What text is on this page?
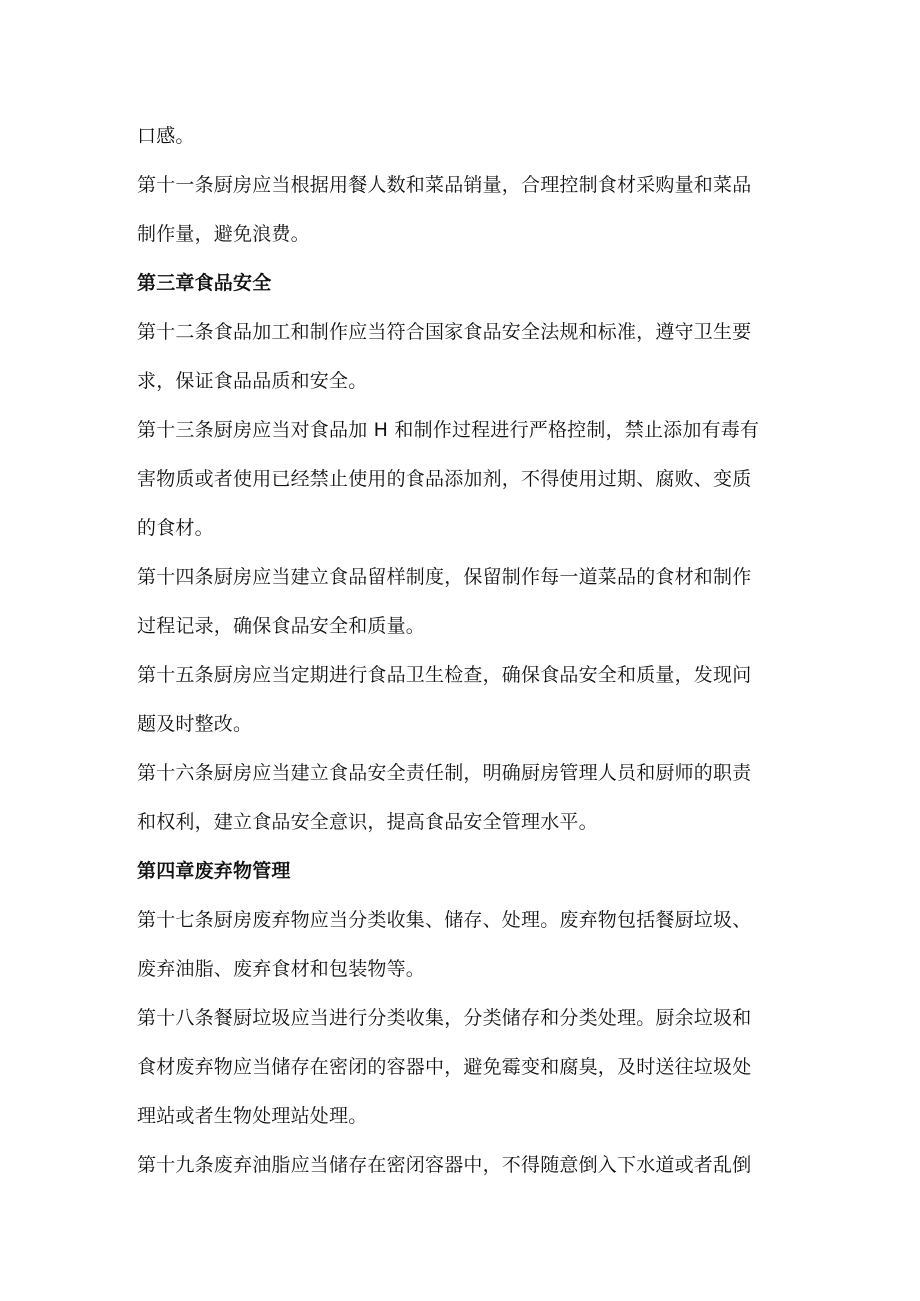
口感。
第十一条厨房应当根据用餐人数和菜品销量，合理控制食材采购量和菜品
制作量，避免浪费。
第三章食品安全
第十二条食品加工和制作应当符合国家食品安全法规和标准，遵守卫生要
求，保证食品品质和安全。
第十三条厨房应当对食品加 H 和制作过程进行严格控制，禁止添加有毒有
害物质或者使用已经禁止使用的食品添加剂，不得使用过期、腐败、变质
的食材。
第十四条厨房应当建立食品留样制度，保留制作每一道菜品的食材和制作
过程记录，确保食品安全和质量。
第十五条厨房应当定期进行食品卫生检查，确保食品安全和质量，发现问
题及时整改。
第十六条厨房应当建立食品安全责任制，明确厨房管理人员和厨师的职责
和权利，建立食品安全意识，提高食品安全管理水平。
第四章废弃物管理
第十七条厨房废弃物应当分类收集、储存、处理。废弃物包括餐厨垃圾、
废弃油脂、废弃食材和包装物等。
第十八条餐厨垃圾应当进行分类收集，分类储存和分类处理。厨余垃圾和
食材废弃物应当储存在密闭的容器中，避免霉变和腐臭，及时送往垃圾处
理站或者生物处理站处理。
第十九条废弃油脂应当储存在密闭容器中，不得随意倒入下水道或者乱倒
